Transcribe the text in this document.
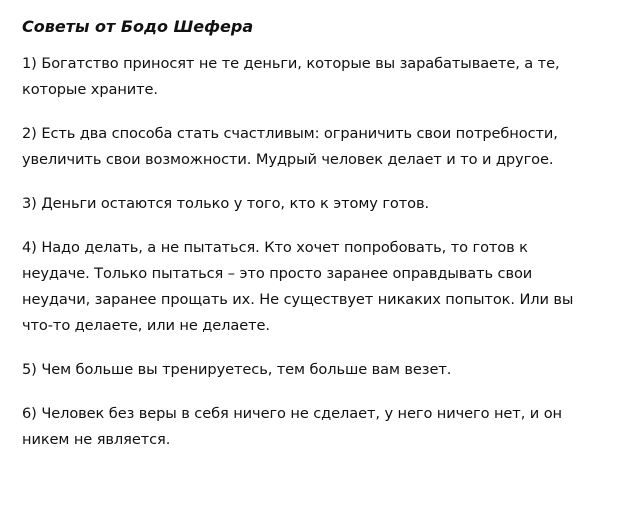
Советы от Бодо Шефера
1) Богатство приносят не те деньги, которые вы зарабатываете, а те, которые храните.
2) Есть два способа стать счастливым: ограничить свои потребности, увеличить свои возможности. Мудрый человек делает и то и другое.
3) Деньги остаются только у того, кто к этому готов.
4) Надо делать, а не пытаться. Кто хочет попробовать, то готов к неудаче. Только пытаться – это просто заранее оправдывать свои неудачи, заранее прощать их. Не существует никаких попыток. Или вы что-то делаете, или не делаете.
5) Чем больше вы тренируетесь, тем больше вам везет.
6) Человек без веры в себя ничего не сделает, у него ничего нет, и он никем не является.
